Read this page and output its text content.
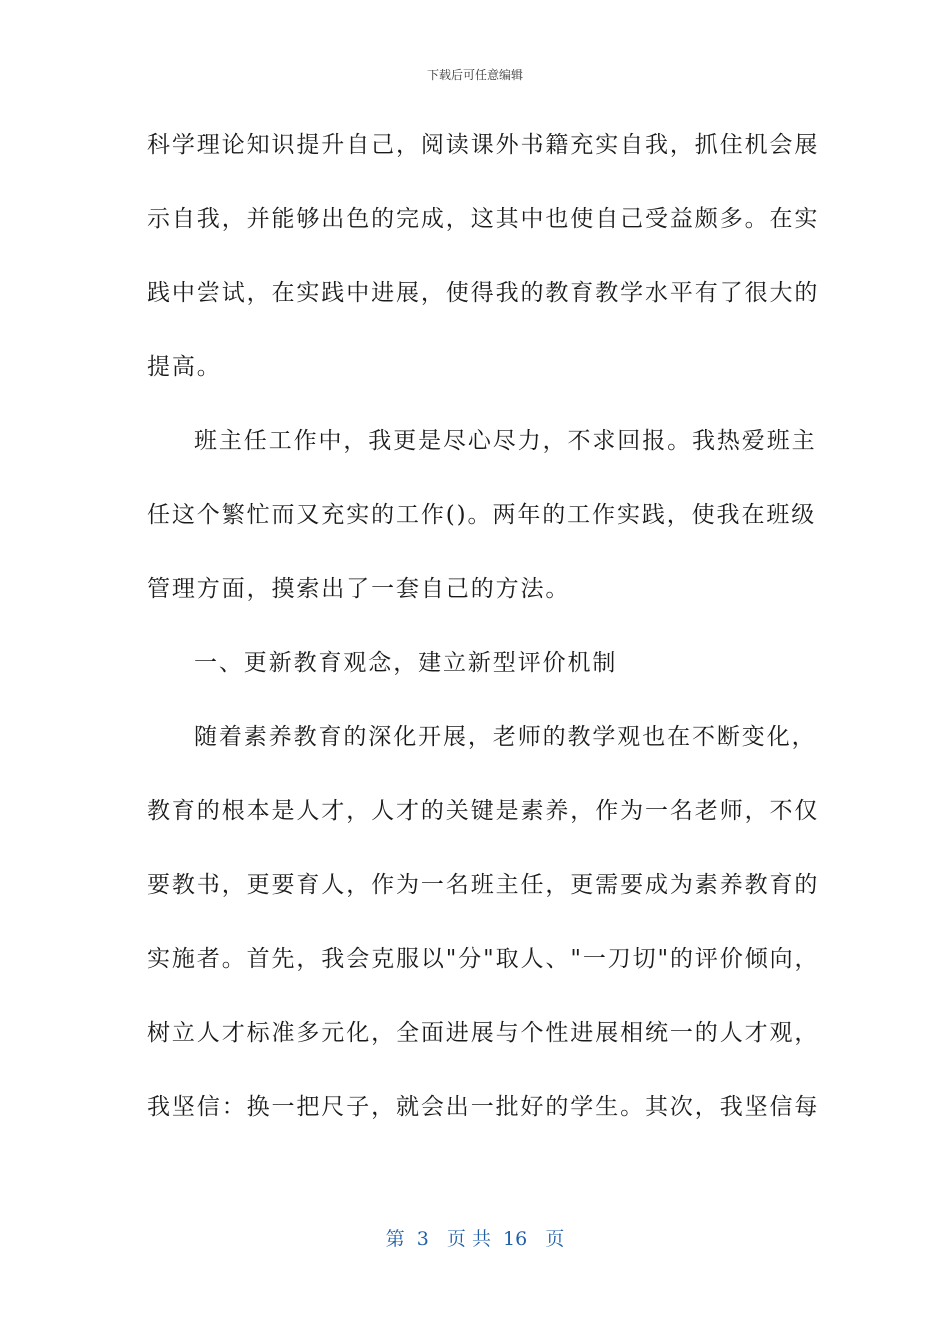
下载后可任意编辑
科学理论知识提升自己，阅读课外书籍充实自我，抓住机会展
示自我，并能够出色的完成，这其中也使自己受益颇多。在实
践中尝试，在实践中进展，使得我的教育教学水平有了很大的
提高。
班主任工作中，我更是尽心尽力，不求回报。我热爱班主
任这个繁忙而又充实的工作()。两年的工作实践，使我在班级
管理方面，摸索出了一套自己的方法。
一、更新教育观念，建立新型评价机制
随着素养教育的深化开展，老师的教学观也在不断变化，
教育的根本是人才，人才的关键是素养，作为一名老师，不仅
要教书，更要育人，作为一名班主任，更需要成为素养教育的
实施者。首先，我会克服以"分"取人、"一刀切"的评价倾向，
树立人才标准多元化，全面进展与个性进展相统一的人才观，
我坚信：换一把尺子，就会出一批好的学生。其次，我坚信每
第  3   页 共  16   页
